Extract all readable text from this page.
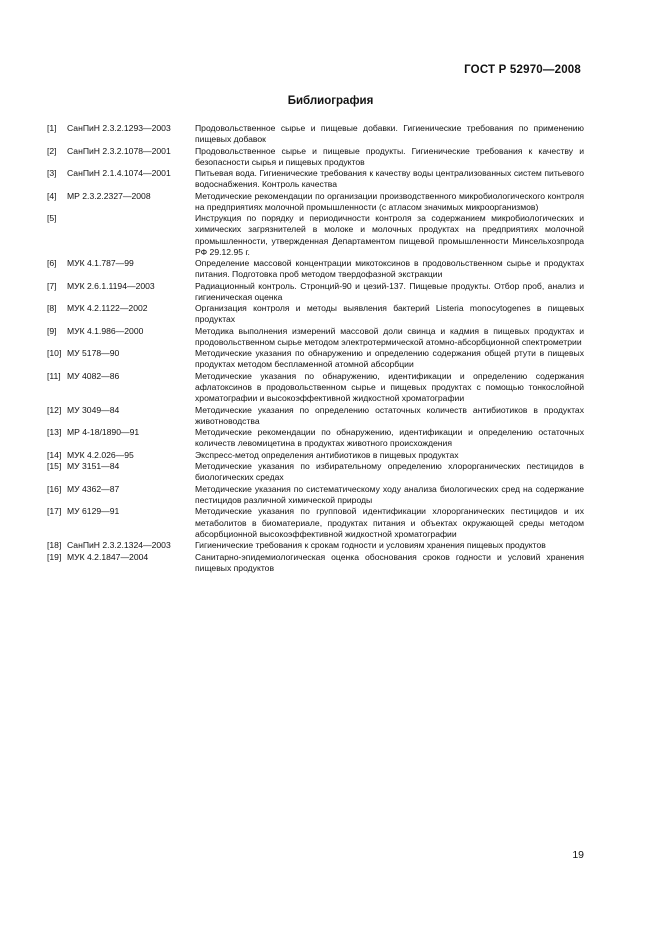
ГОСТ Р 52970—2008
Библиография
[1] СанПиН 2.3.2.1293—2003	Продовольственное сырье и пищевые добавки. Гигиенические требования по применению пищевых добавок
[2] СанПиН 2.3.2.1078—2001	Продовольственное сырье и пищевые продукты. Гигиенические требования к качеству и безопасности сырья и пищевых продуктов
[3] СанПиН 2.1.4.1074—2001	Питьевая вода. Гигиенические требования к качеству воды централизованных систем питьевого водоснабжения. Контроль качества
[4] МР 2.3.2.2327—2008	Методические рекомендации по организации производственного микробиологического контроля на предприятиях молочной промышленности (с атласом значимых микроорганизмов)
[5]	Инструкция по порядку и периодичности контроля за содержанием микробиологических и химических загрязнителей в молоке и молочных продуктах на предприятиях молочной промышленности, утвержденная Департаментом пищевой промышленности Минсельхозпрода РФ 29.12.95 г.
[6] МУК 4.1.787—99	Определение массовой концентрации микотоксинов в продовольственном сырье и продуктах питания. Подготовка проб методом твердофазной экстракции
[7] МУК 2.6.1.1194—2003	Радиационный контроль. Стронций-90 и цезий-137. Пищевые продукты. Отбор проб, анализ и гигиеническая оценка
[8] МУК 4.2.1122—2002	Организация контроля и методы выявления бактерий Listeria monocytogenes в пищевых продуктах
[9] МУК 4.1.986—2000	Методика выполнения измерений массовой доли свинца и кадмия в пищевых продуктах и продовольственном сырье методом электротермической атомно-абсорбционной спектрометрии
[10] МУ 5178—90	Методические указания по обнаружению и определению содержания общей ртути в пищевых продуктах методом беспламенной атомной абсорбции
[11] МУ 4082—86	Методические указания по обнаружению, идентификации и определению содержания афлатоксинов в продовольственном сырье и пищевых продуктах с помощью тонкослойной хроматографии и высокоэффективной жидкостной хроматографии
[12] МУ 3049—84	Методические указания по определению остаточных количеств антибиотиков в продуктах животноводства
[13] МР 4-18/1890—91	Методические рекомендации по обнаружению, идентификации и определению остаточных количеств левомицетина в продуктах животного происхождения
[14] МУК 4.2.026—95	Экспресс-метод определения антибиотиков в пищевых продуктах
[15] МУ 3151—84	Методические указания по избирательному определению хлорорганических пестицидов в биологических средах
[16] МУ 4362—87	Методические указания по систематическому ходу анализа биологических сред на содержание пестицидов различной химической природы
[17] МУ 6129—91	Методические указания по групповой идентификации хлорорганических пестицидов и их метаболитов в биоматериале, продуктах питания и объектах окружающей среды методом абсорбционной высокоэффективной жидкостной хроматографии
[18] СанПиН 2.3.2.1324—2003	Гигиенические требования к срокам годности и условиям хранения пищевых продуктов
[19] МУК 4.2.1847—2004	Санитарно-эпидемиологическая оценка обоснования сроков годности и условий хранения пищевых продуктов
19
